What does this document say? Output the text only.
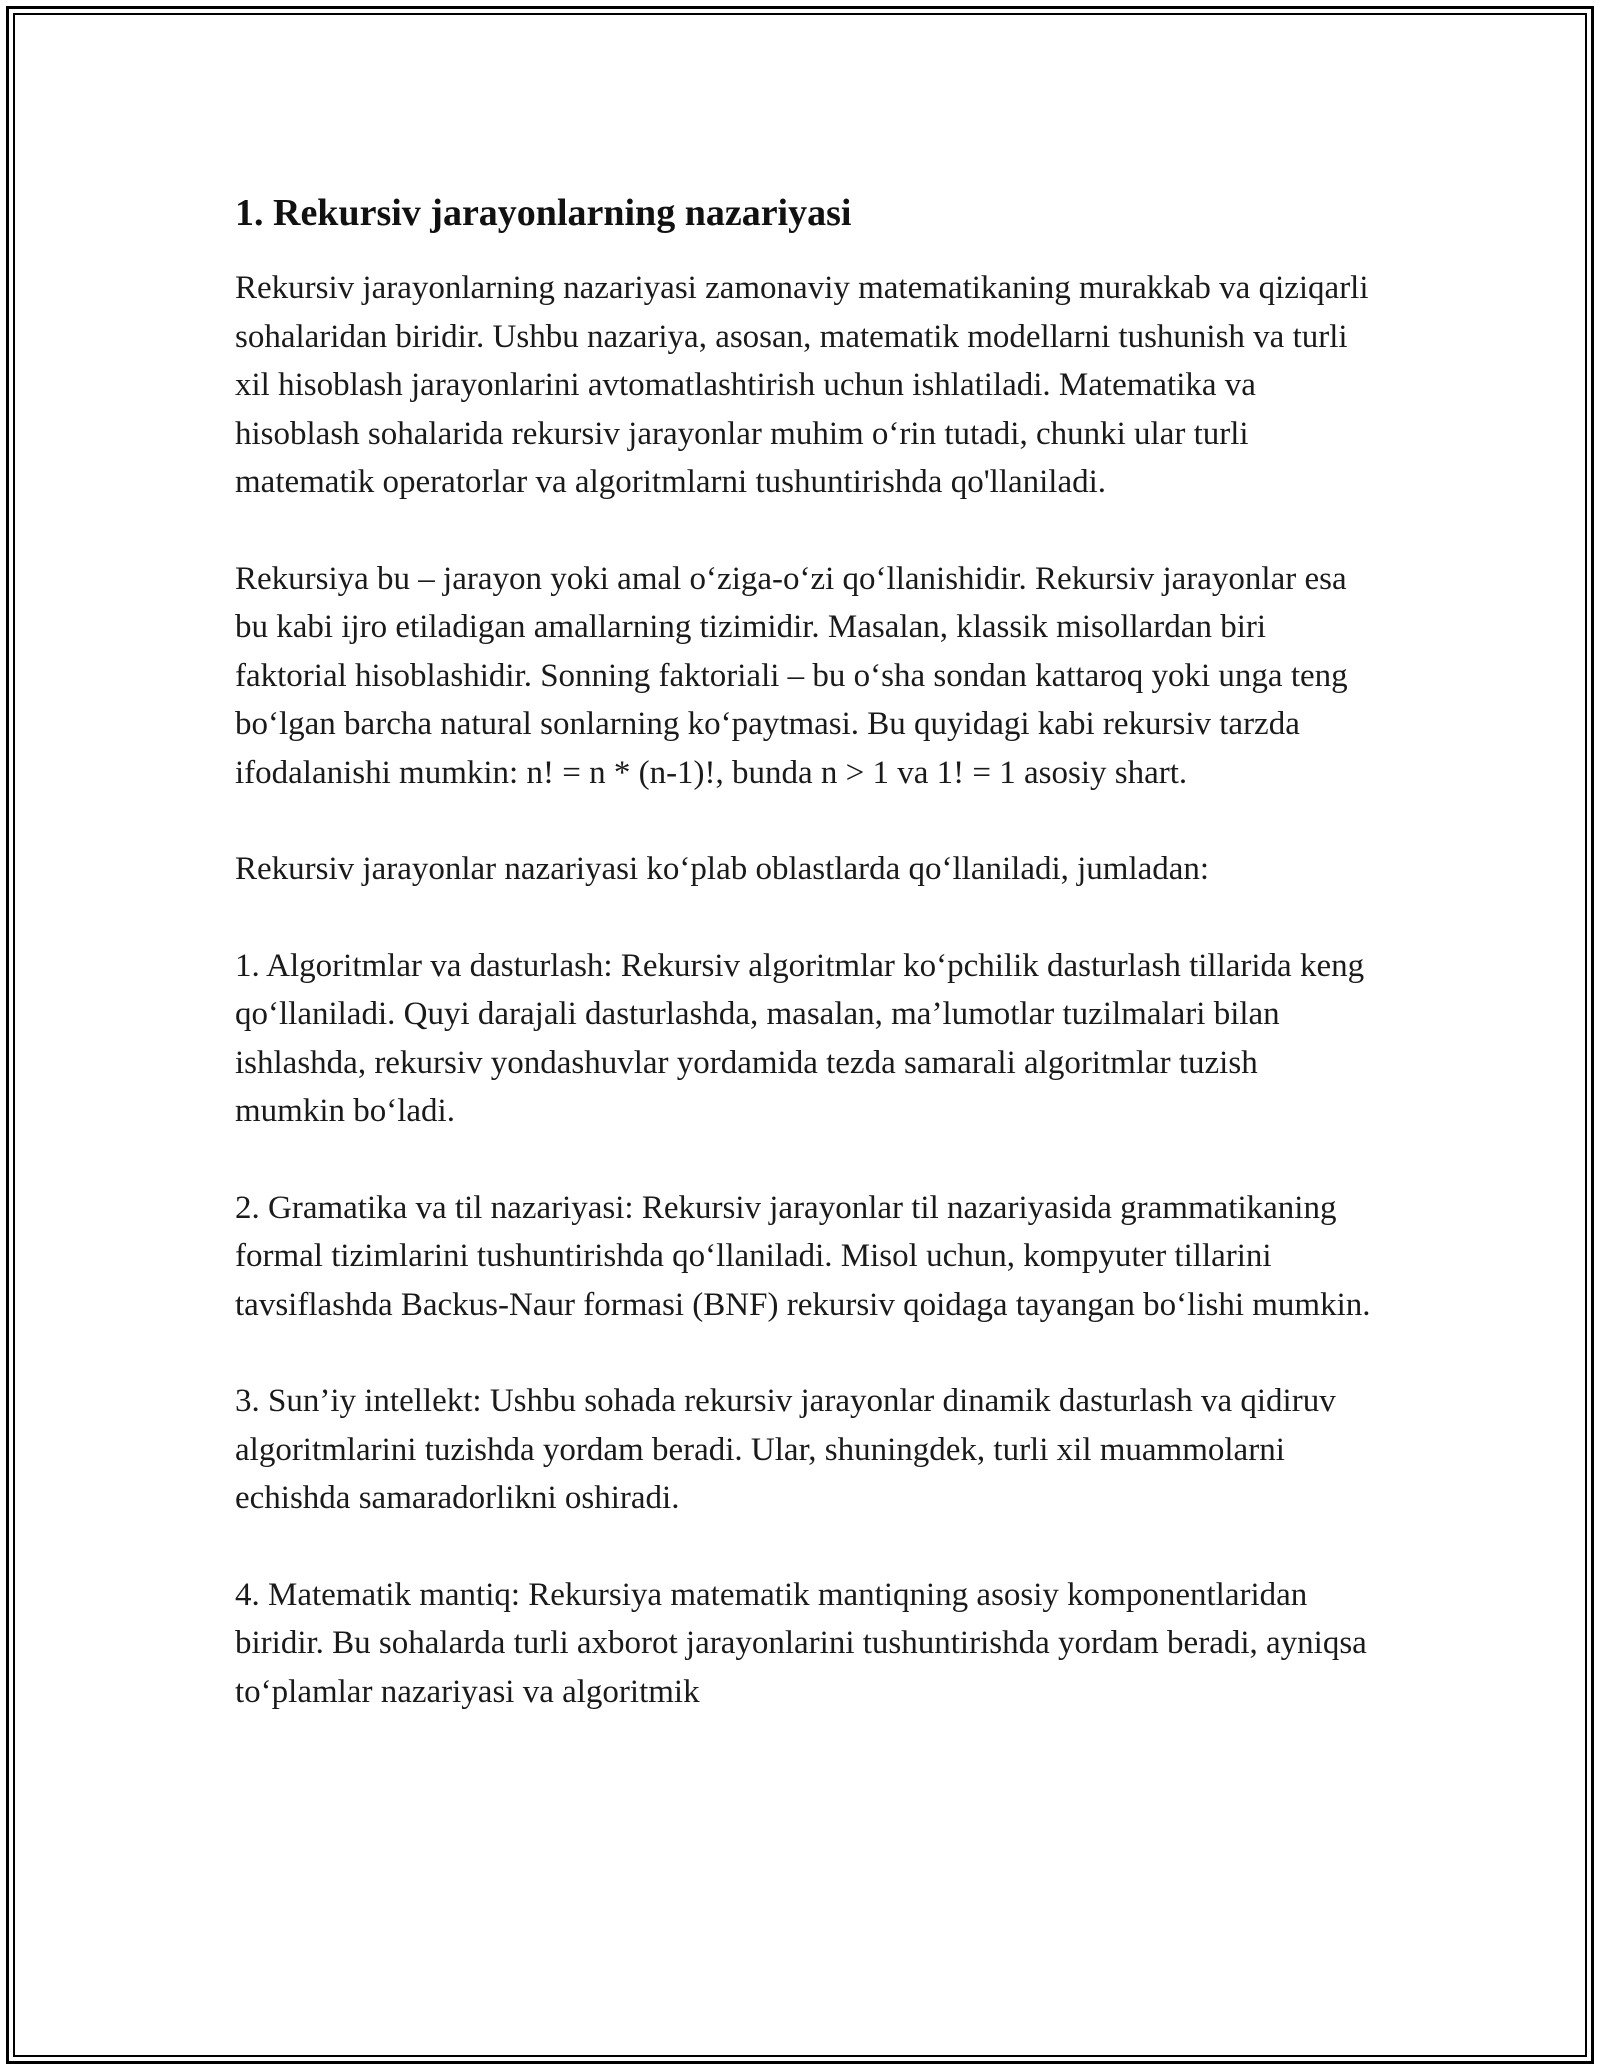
1. Rekursiv jarayonlarning nazariyasi

Rekursiv jarayonlarning nazariyasi zamonaviy matematikaning murakkab va qiziqarli sohalaridan biridir. Ushbu nazariya, asosan, matematik modellarni tushunish va turli xil hisoblash jarayonlarini avtomatlashtirish uchun ishlatiladi. Matematika va hisoblash sohalarida rekursiv jarayonlar muhim o‘rin tutadi, chunki ular turli matematik operatorlar va algoritmlarni tushuntirishda qo'llaniladi.

Rekursiya bu – jarayon yoki amal o‘ziga-o‘zi qo‘llanishidir. Rekursiv jarayonlar esa bu kabi ijro etiladigan amallarning tizimidir. Masalan, klassik misollardan biri faktorial hisoblashidir. Sonning faktoriali – bu o‘sha sondan kattaroq yoki unga teng bo‘lgan barcha natural sonlarning ko‘paytmasi. Bu quyidagi kabi rekursiv tarzda ifodalanishi mumkin: n! = n * (n-1)!, bunda n > 1 va 1! = 1 asosiy shart.

Rekursiv jarayonlar nazariyasi ko‘plab oblastlarda qo‘llaniladi, jumladan:

1. Algoritmlar va dasturlash: Rekursiv algoritmlar ko‘pchilik dasturlash tillarida keng qo‘llaniladi. Quyi darajali dasturlashda, masalan, ma’lumotlar tuzilmalari bilan ishlashda, rekursiv yondashuvlar yordamida tezda samarali algoritmlar tuzish mumkin bo‘ladi.

2. Gramatika va til nazariyasi: Rekursiv jarayonlar til nazariyasida grammatikaning formal tizimlarini tushuntirishda qo‘llaniladi. Misol uchun, kompyuter tillarini tavsiflashda Backus-Naur formasi (BNF) rekursiv qoidaga tayangan bo‘lishi mumkin.

3. Sun’iy intellekt: Ushbu sohada rekursiv jarayonlar dinamik dasturlash va qidiruv algoritmlarini tuzishda yordam beradi. Ular, shuningdek, turli xil muammolarni echishda samaradorlikni oshiradi.

4. Matematik mantiq: Rekursiya matematik mantiqning asosiy komponentlaridan biridir. Bu sohalarda turli axborot jarayonlarini tushuntirishda yordam beradi, ayniqsa to‘plamlar nazariyasi va algoritmik
